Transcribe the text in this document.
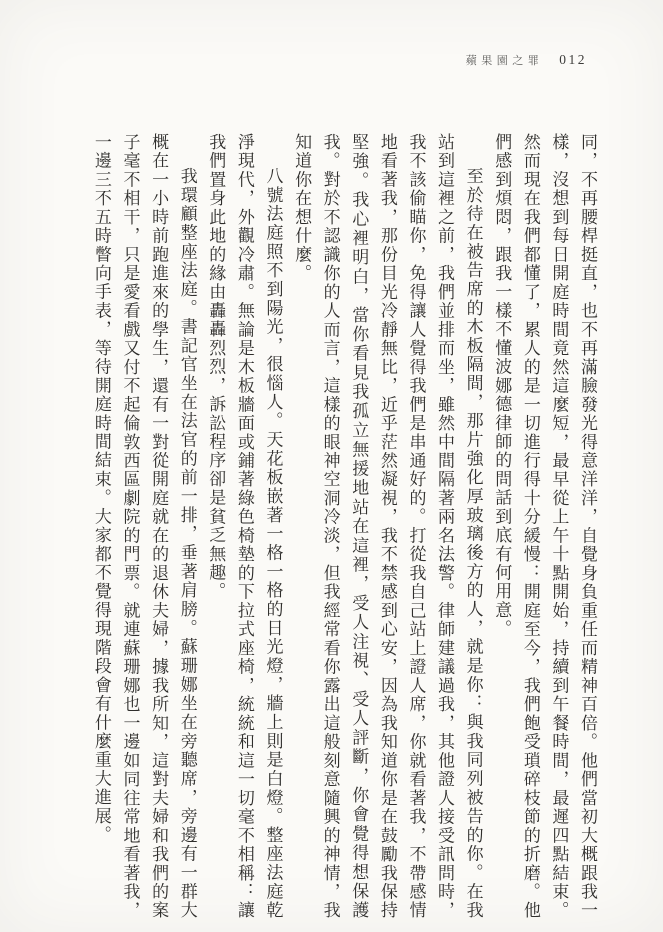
蘋果園之罪 012

同，不再腰桿挺直，也不再滿臉發光得意洋洋，自覺身負重任而精神百倍。他們當初大概跟我一樣，沒想到每日開庭時間竟然這麼短，最早從上午十點開始，持續到午餐時間，最遲四點結束。然而現在我們都懂了，累人的是一切進行得十分緩慢：開庭至今，我們飽受瑣碎枝節的折磨。他們感到煩悶，跟我一樣不懂波娜德律師的問話到底有何用意。

至於待在被告席的木板隔間，那片強化厚玻璃後方的人，就是你：與我同列被告的你。在我站到這裡之前，我們並排而坐，雖然中間隔著兩名法警。律師建議過我，其他證人接受訊問時，我不該偷瞄你，免得讓人覺得我們是串通好的。打從我自己站上證人席，你就看著我，不帶感情地看著我，那份目光冷靜無比，近乎茫然凝視，我不禁感到心安，因為我知道你是在鼓勵我保持堅強。我心裡明白，當你看見我孤立無援地站在這裡，受人注視、受人評斷，你會覺得想保護我。對於不認識你的人而言，這樣的眼神空洞冷淡，但我經常看你露出這般刻意隨興的神情，我知道你在想什麼。

八號法庭照不到陽光，很惱人。天花板嵌著一格一格的日光燈，牆上則是白燈。整座法庭乾淨現代，外觀冷肅。無論是木板牆面或鋪著綠色椅墊的下拉式座椅，統統和這一切毫不相稱：讓我們置身此地的緣由轟轟烈烈，訴訟程序卻是貧乏無趣。

我環顧整座法庭。書記官坐在法官的前一排，垂著肩膀。蘇珊娜坐在旁聽席，旁邊有一群大概在一小時前跑進來的學生，還有一對從開庭就在的退休夫婦，據我所知，這對夫婦和我們的案子毫不相干，只是愛看戲又付不起倫敦西區劇院的門票。就連蘇珊娜也一邊如同往常地看著我，一邊三不五時瞥向手表，等待開庭時間結束。大家都不覺得現階段會有什麼重大進展。
